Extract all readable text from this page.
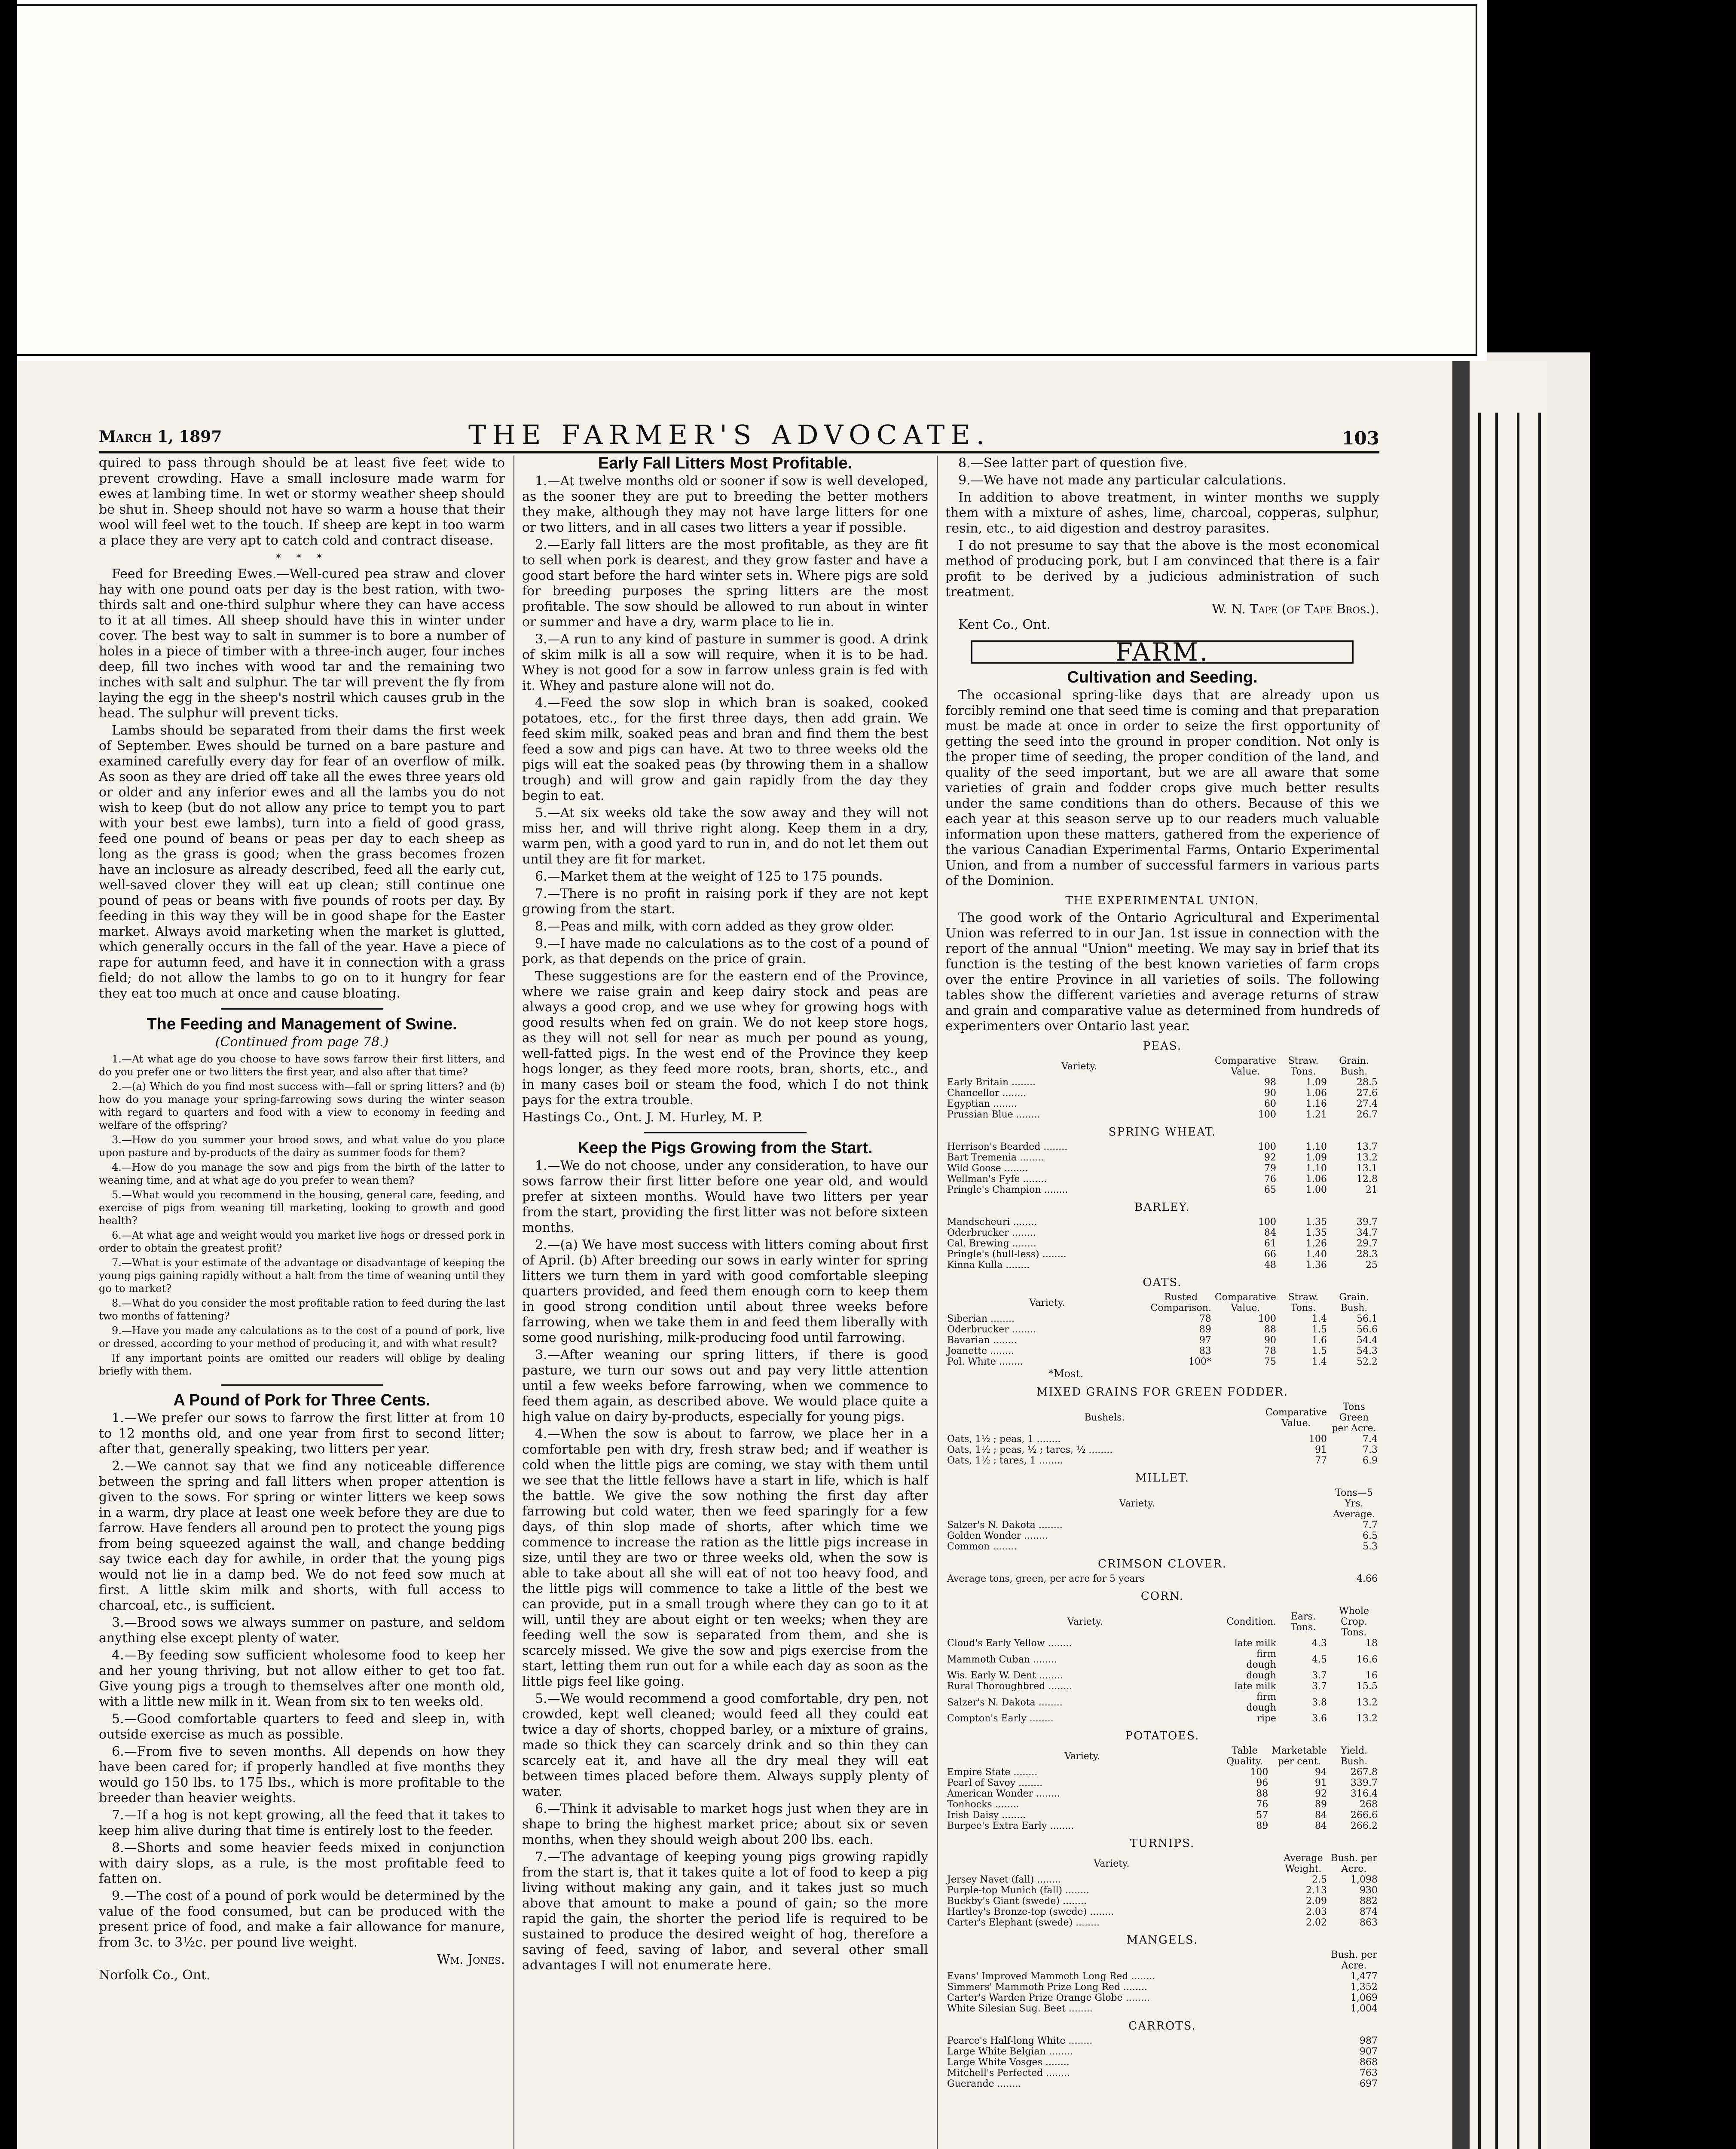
March 1, 1897	THE FARMER'S ADVOCATE.	103

quired to pass through should be at least five feet wide to prevent crowding. Have a small inclosure made warm for ewes at lambing time. In wet or stormy weather sheep should be shut in. Sheep should not have so warm a house that their wool will feel wet to the touch. If sheep are kept in too warm a place they are very apt to catch cold and contract disease.

* * *

Feed for Breeding Ewes.—Well-cured pea straw and clover hay with one pound oats per day is the best ration, with two-thirds salt and one-third sulphur where they can have access to it at all times. All sheep should have this in winter under cover. The best way to salt in summer is to bore a number of holes in a piece of timber with a three-inch auger, four inches deep, fill two inches with wood tar and the remaining two inches with salt and sulphur. The tar will prevent the fly from laying the egg in the sheep's nostril which causes grub in the head. The sulphur will prevent ticks.

Lambs should be separated from their dams the first week of September. Ewes should be turned on a bare pasture and examined carefully every day for fear of an overflow of milk. As soon as they are dried off take all the ewes three years old or older and any inferior ewes and all the lambs you do not wish to keep (but do not allow any price to tempt you to part with your best ewe lambs), turn into a field of good grass, feed one pound of beans or peas per day to each sheep as long as the grass is good; when the grass becomes frozen have an inclosure as already described, feed all the early cut, well-saved clover they will eat up clean; still continue one pound of peas or beans with five pounds of roots per day. By feeding in this way they will be in good shape for the Easter market. Always avoid marketing when the market is glutted, which generally occurs in the fall of the year. Have a piece of rape for autumn feed, and have it in connection with a grass field; do not allow the lambs to go on to it hungry for fear they eat too much at once and cause bloating.

The Feeding and Management of Swine.
(Continued from page 78.)

1.—At what age do you choose to have sows farrow their first litters, and do you prefer one or two litters the first year, and also after that time?

2.—(a) Which do you find most success with—fall or spring litters? and (b) how do you manage your spring-farrowing sows during the winter season with regard to quarters and food with a view to economy in feeding and welfare of the offspring?

3.—How do you summer your brood sows, and what value do you place upon pasture and by-products of the dairy as summer foods for them?

4.—How do you manage the sow and pigs from the birth of the latter to weaning time, and at what age do you prefer to wean them?

5.—What would you recommend in the housing, general care, feeding, and exercise of pigs from weaning till marketing, looking to growth and good health?

6.—At what age and weight would you market live hogs or dressed pork in order to obtain the greatest profit?

7.—What is your estimate of the advantage or disadvantage of keeping the young pigs gaining rapidly without a halt from the time of weaning until they go to market?

8.—What do you consider the most profitable ration to feed during the last two months of fattening?

9.—Have you made any calculations as to the cost of a pound of pork, live or dressed, according to your method of producing it, and with what result?

If any important points are omitted our readers will oblige by dealing briefly with them.

A Pound of Pork for Three Cents.

1.—We prefer our sows to farrow the first litter at from 10 to 12 months old, and one year from first to second litter; after that, generally speaking, two litters per year.

2.—We cannot say that we find any noticeable difference between the spring and fall litters when proper attention is given to the sows. For spring or winter litters we keep sows in a warm, dry place at least one week before they are due to farrow. Have fenders all around pen to protect the young pigs from being squeezed against the wall, and change bedding say twice each day for awhile, in order that the young pigs would not lie in a damp bed. We do not feed sow much at first. A little skim milk and shorts, with full access to charcoal, etc., is sufficient.

3.—Brood sows we always summer on pasture, and seldom anything else except plenty of water.

4.—By feeding sow sufficient wholesome food to keep her and her young thriving, but not allow either to get too fat. Give young pigs a trough to themselves after one month old, with a little new milk in it. Wean from six to ten weeks old.

5.—Good comfortable quarters to feed and sleep in, with outside exercise as much as possible.

6.—From five to seven months. All depends on how they have been cared for; if properly handled at five months they would go 150 lbs. to 175 lbs., which is more profitable to the breeder than heavier weights.

7.—If a hog is not kept growing, all the feed that it takes to keep him alive during that time is entirely lost to the feeder.

8.—Shorts and some heavier feeds mixed in conjunction with dairy slops, as a rule, is the most profitable feed to fatten on.

9.—The cost of a pound of pork would be determined by the value of the food consumed, but can be produced with the present price of food, and make a fair allowance for manure, from 3c. to 3½c. per pound live weight.

Wm. Jones.

Norfolk Co., Ont.

Early Fall Litters Most Profitable.

1.—At twelve months old or sooner if sow is well developed, as the sooner they are put to breeding the better mothers they make, although they may not have large litters for one or two litters, and in all cases two litters a year if possible.

2.—Early fall litters are the most profitable, as they are fit to sell when pork is dearest, and they grow faster and have a good start before the hard winter sets in. Where pigs are sold for breeding purposes the spring litters are the most profitable. The sow should be allowed to run about in winter or summer and have a dry, warm place to lie in.

3.—A run to any kind of pasture in summer is good. A drink of skim milk is all a sow will require, when it is to be had. Whey is not good for a sow in farrow unless grain is fed with it. Whey and pasture alone will not do.

4.—Feed the sow slop in which bran is soaked, cooked potatoes, etc., for the first three days, then add grain. We feed skim milk, soaked peas and bran and find them the best feed a sow and pigs can have. At two to three weeks old the pigs will eat the soaked peas (by throwing them in a shallow trough) and will grow and gain rapidly from the day they begin to eat.

5.—At six weeks old take the sow away and they will not miss her, and will thrive right along. Keep them in a dry, warm pen, with a good yard to run in, and do not let them out until they are fit for market.

6.—Market them at the weight of 125 to 175 pounds.

7.—There is no profit in raising pork if they are not kept growing from the start.

8.—Peas and milk, with corn added as they grow older.

9.—I have made no calculations as to the cost of a pound of pork, as that depends on the price of grain.

These suggestions are for the eastern end of the Province, where we raise grain and keep dairy stock and peas are always a good crop, and we use whey for growing hogs with good results when fed on grain. We do not keep store hogs, as they will not sell for near as much per pound as young, well-fatted pigs. In the west end of the Province they keep hogs longer, as they feed more roots, bran, shorts, etc., and in many cases boil or steam the food, which I do not think pays for the extra trouble.

Hastings Co., Ont. J. M. Hurley, M. P.

Keep the Pigs Growing from the Start.

1.—We do not choose, under any consideration, to have our sows farrow their first litter before one year old, and would prefer at sixteen months. Would have two litters per year from the start, providing the first litter was not before sixteen months.

2.—(a) We have most success with litters coming about first of April. (b) After breeding our sows in early winter for spring litters we turn them in yard with good comfortable sleeping quarters provided, and feed them enough corn to keep them in good strong condition until about three weeks before farrowing, when we take them in and feed them liberally with some good nurishing, milk-producing food until farrowing.

3.—After weaning our spring litters, if there is good pasture, we turn our sows out and pay very little attention until a few weeks before farrowing, when we commence to feed them again, as described above. We would place quite a high value on dairy by-products, especially for young pigs.

4.—When the sow is about to farrow, we place her in a comfortable pen with dry, fresh straw bed; and if weather is cold when the little pigs are coming, we stay with them until we see that the little fellows have a start in life, which is half the battle. We give the sow nothing the first day after farrowing but cold water, then we feed sparingly for a few days, of thin slop made of shorts, after which time we commence to increase the ration as the little pigs increase in size, until they are two or three weeks old, when the sow is able to take about all she will eat of not too heavy food, and the little pigs will commence to take a little of the best we can provide, put in a small trough where they can go to it at will, until they are about eight or ten weeks; when they are feeding well the sow is separated from them, and she is scarcely missed. We give the sow and pigs exercise from the start, letting them run out for a while each day as soon as the little pigs feel like going.

5.—We would recommend a good comfortable, dry pen, not crowded, kept well cleaned; would feed all they could eat twice a day of shorts, chopped barley, or a mixture of grains, made so thick they can scarcely drink and so thin they can scarcely eat it, and have all the dry meal they will eat between times placed before them. Always supply plenty of water.

6.—Think it advisable to market hogs just when they are in shape to bring the highest market price; about six or seven months, when they should weigh about 200 lbs. each.

7.—The advantage of keeping young pigs growing rapidly from the start is, that it takes quite a lot of food to keep a pig living without making any gain, and it takes just so much above that amount to make a pound of gain; so the more rapid the gain, the shorter the period life is required to be sustained to produce the desired weight of hog, therefore a saving of feed, saving of labor, and several other small advantages I will not enumerate here.

8.—See latter part of question five.

9.—We have not made any particular calculations.

In addition to above treatment, in winter months we supply them with a mixture of ashes, lime, charcoal, copperas, sulphur, resin, etc., to aid digestion and destroy parasites.

I do not presume to say that the above is the most economical method of producing pork, but I am convinced that there is a fair profit to be derived by a judicious administration of such treatment.

W. N. Tape (of Tape Bros.).

Kent Co., Ont.

FARM.
Cultivation and Seeding.

The occasional spring-like days that are already upon us forcibly remind one that seed time is coming and that preparation must be made at once in order to seize the first opportunity of getting the seed into the ground in proper condition. Not only is the proper time of seeding, the proper condition of the land, and quality of the seed important, but we are all aware that some varieties of grain and fodder crops give much better results under the same conditions than do others. Because of this we each year at this season serve up to our readers much valuable information upon these matters, gathered from the experience of the various Canadian Experimental Farms, Ontario Experimental Union, and from a number of successful farmers in various parts of the Dominion.

THE EXPERIMENTAL UNION.

The good work of the Ontario Agricultural and Experimental Union was referred to in our Jan. 1st issue in connection with the report of the annual "Union" meeting. We may say in brief that its function is the testing of the best known varieties of farm crops over the entire Province in all varieties of soils. The following tables show the different varieties and average returns of straw and grain and comparative value as determined from hundreds of experimenters over Ontario last year.

PEAS.
Variety.	Comparative Value.	Straw. Tons.	Grain. Bush.
Early Britain ........	98	1.09	28.5
Chancellor ........	90	1.06	27.6
Egyptian ........	60	1.16	27.4
Prussian Blue ........	100	1.21	26.7
SPRING WHEAT.
Herrison's Bearded ........	100	1.10	13.7
Bart Tremenia ........	92	1.09	13.2
Wild Goose ........	79	1.10	13.1
Wellman's Fyfe ........	76	1.06	12.8
Pringle's Champion ........	65	1.00	21
BARLEY.
Mandscheuri ........	100	1.35	39.7
Oderbrucker ........	84	1.35	34.7
Cal. Brewing ........	61	1.26	29.7
Pringle's (hull-less) ........	66	1.40	28.3
Kinna Kulla ........	48	1.36	25
OATS.
Variety.	Rusted Comparison.	Comparative Value.	Straw. Tons.	Grain. Bush.
Siberian ........	78	100	1.4	56.1
Oderbrucker ........	89	88	1.5	56.6
Bavarian ........	97	90	1.6	54.4
Joanette ........	83	78	1.5	54.3
Pol. White ........	100*	75	1.4	52.2
*Most.
MIXED GRAINS FOR GREEN FODDER.
Bushels.	Comparative Value.	Tons Green per Acre.
Oats, 1½ ; peas, 1 ........	100	7.4
Oats, 1½ ; peas, ½ ; tares, ½ ........	91	7.3
Oats, 1½ ; tares, 1 ........	77	6.9
MILLET.
Variety.	Tons—5 Yrs. Average.
Salzer's N. Dakota ........	7.7
Golden Wonder ........	6.5
Common ........	5.3
CRIMSON CLOVER.
Average tons, green, per acre for 5 years	4.66
CORN.
Variety.	Condition.	Ears. Tons.	Whole Crop. Tons.
Cloud's Early Yellow ........	late milk	4.3	18
Mammoth Cuban ........	firm dough	4.5	16.6
Wis. Early W. Dent ........	dough	3.7	16
Rural Thoroughbred ........	late milk	3.7	15.5
Salzer's N. Dakota ........	firm dough	3.8	13.2
Compton's Early ........	ripe	3.6	13.2
POTATOES.
Variety.	Table Quality.	Marketable per cent.	Yield. Bush.
Empire State ........	100	94	267.8
Pearl of Savoy ........	96	91	339.7
American Wonder ........	88	92	316.4
Tonhocks ........	76	89	268
Irish Daisy ........	57	84	266.6
Burpee's Extra Early ........	89	84	266.2
TURNIPS.
Variety.	Average Weight.	Bush. per Acre.
Jersey Navet (fall) ........	2.5	1,098
Purple-top Munich (fall) ........	2.13	930
Buckby's Giant (swede) ........	2.09	882
Hartley's Bronze-top (swede) ........	2.03	874
Carter's Elephant (swede) ........	2.02	863
MANGELS.
	Bush. per Acre.
Evans' Improved Mammoth Long Red ........	1,477
Simmers' Mammoth Prize Long Red ........	1,352
Carter's Warden Prize Orange Globe ........	1,069
White Silesian Sug. Beet ........	1,004
CARROTS.
Pearce's Half-long White ........	987
Large White Belgian ........	907
Large White Vosges ........	868
Mitchell's Perfected ........	763
Guerande ........	697
